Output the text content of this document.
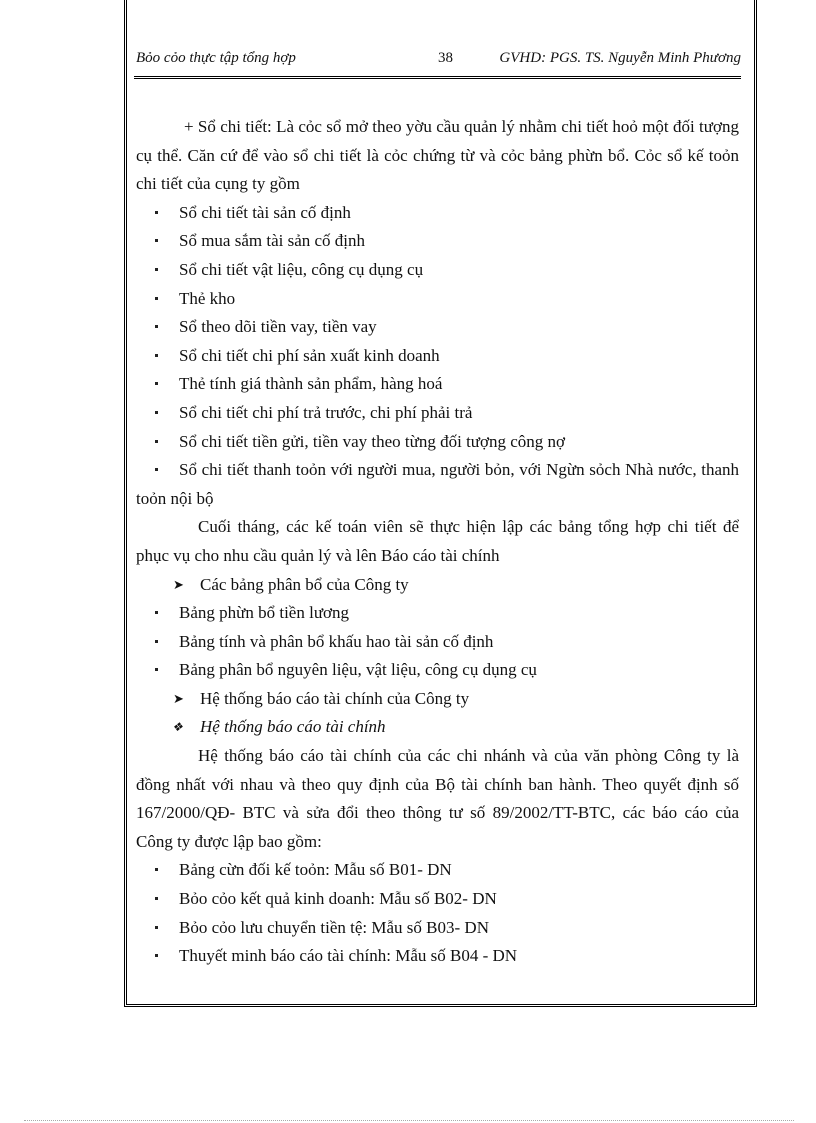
Bỏo cỏo thực tập tổng hợp	38	GVHD: PGS. TS. Nguyễn Minh Phương

+ Sổ chi tiết: Là cỏc sổ mở theo yờu cầu quản lý nhằm chi tiết hoỏ một đối tượng cụ thể. Căn cứ để vào sổ chi tiết là cỏc chứng từ và cỏc bảng phừn bổ. Cỏc sổ kế toỏn chi tiết của cụng ty gồm

Sổ chi tiết tài sản cố định

Sổ mua sắm tài sản cố định

Sổ chi tiết vật liệu, công cụ dụng cụ

Thẻ kho

Sổ theo dõi tiền vay, tiền vay

Sổ chi tiết chi phí sản xuất kinh doanh

Thẻ tính giá thành sản phẩm, hàng hoá

Sổ chi tiết chi phí trả trước, chi phí phải trả

Sổ chi tiết tiền gửi, tiền vay theo từng đối tượng công nợ

Sổ chi tiết thanh toỏn với người mua, người bỏn, với Ngừn sỏch Nhà nước, thanh toỏn nội bộ

Cuối tháng, các kế toán viên sẽ thực hiện lập các bảng tổng hợp chi tiết để phục vụ cho nhu cầu quản lý và lên Báo cáo tài chính

➤ Các bảng phân bổ của Công ty

Bảng phừn bổ tiền lương

Bảng tính và phân bổ khấu hao tài sản cố định

Bảng phân bổ nguyên liệu, vật liệu, công cụ dụng cụ

➤ Hệ thống báo cáo tài chính của Công ty

❖ Hệ thống báo cáo tài chính

Hệ thống báo cáo tài chính của các chi nhánh và của văn phòng Công ty là đồng nhất với nhau và theo quy định của Bộ tài chính ban hành. Theo quyết định số 167/2000/QĐ- BTC và sửa đổi theo thông tư số 89/2002/TT-BTC, các báo cáo của Công ty được lập bao gồm:

Bảng cừn đối kế toỏn: Mẫu số B01- DN

Bỏo cỏo kết quả kinh doanh: Mẫu số B02- DN

Bỏo cỏo lưu chuyển tiền tệ: Mẫu số B03- DN

Thuyết minh báo cáo tài chính: Mẫu số B04 - DN
